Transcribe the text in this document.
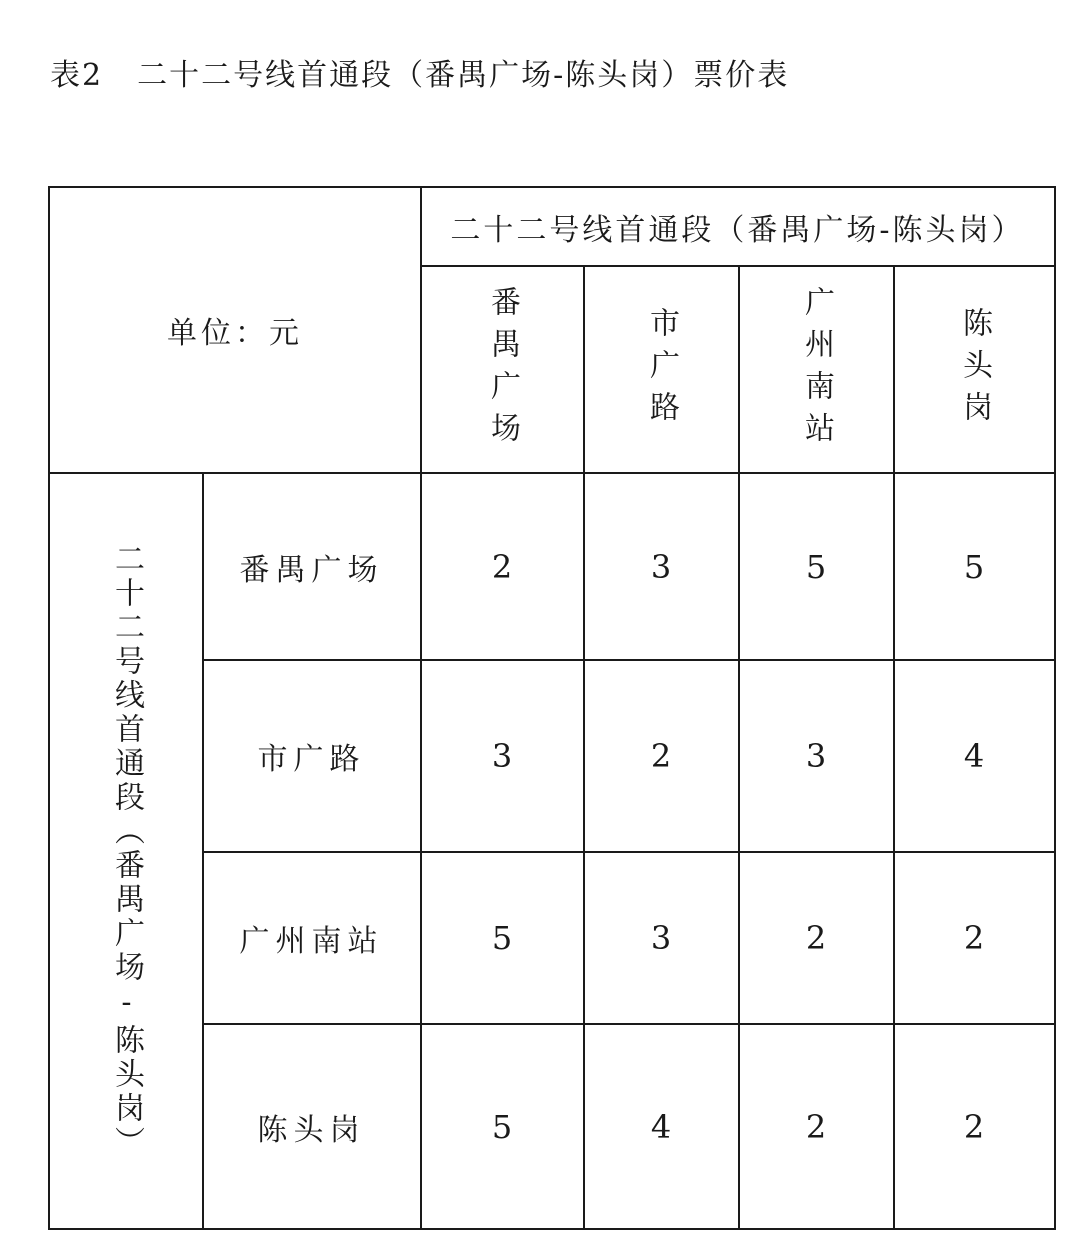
表2 二十二号线首通段（番禺广场-陈头岗）票价表
单位：元
二十二号线首通段（番禺广场-陈头岗）
番禺广场	市广路	广州南站	陈头岗
二十二号线首通段（番禺广场-陈头岗）	番禺广场	2	3	5	5
市广路	3	2	3	4
广州南站	5	3	2	2
陈头岗	5	4	2	2
